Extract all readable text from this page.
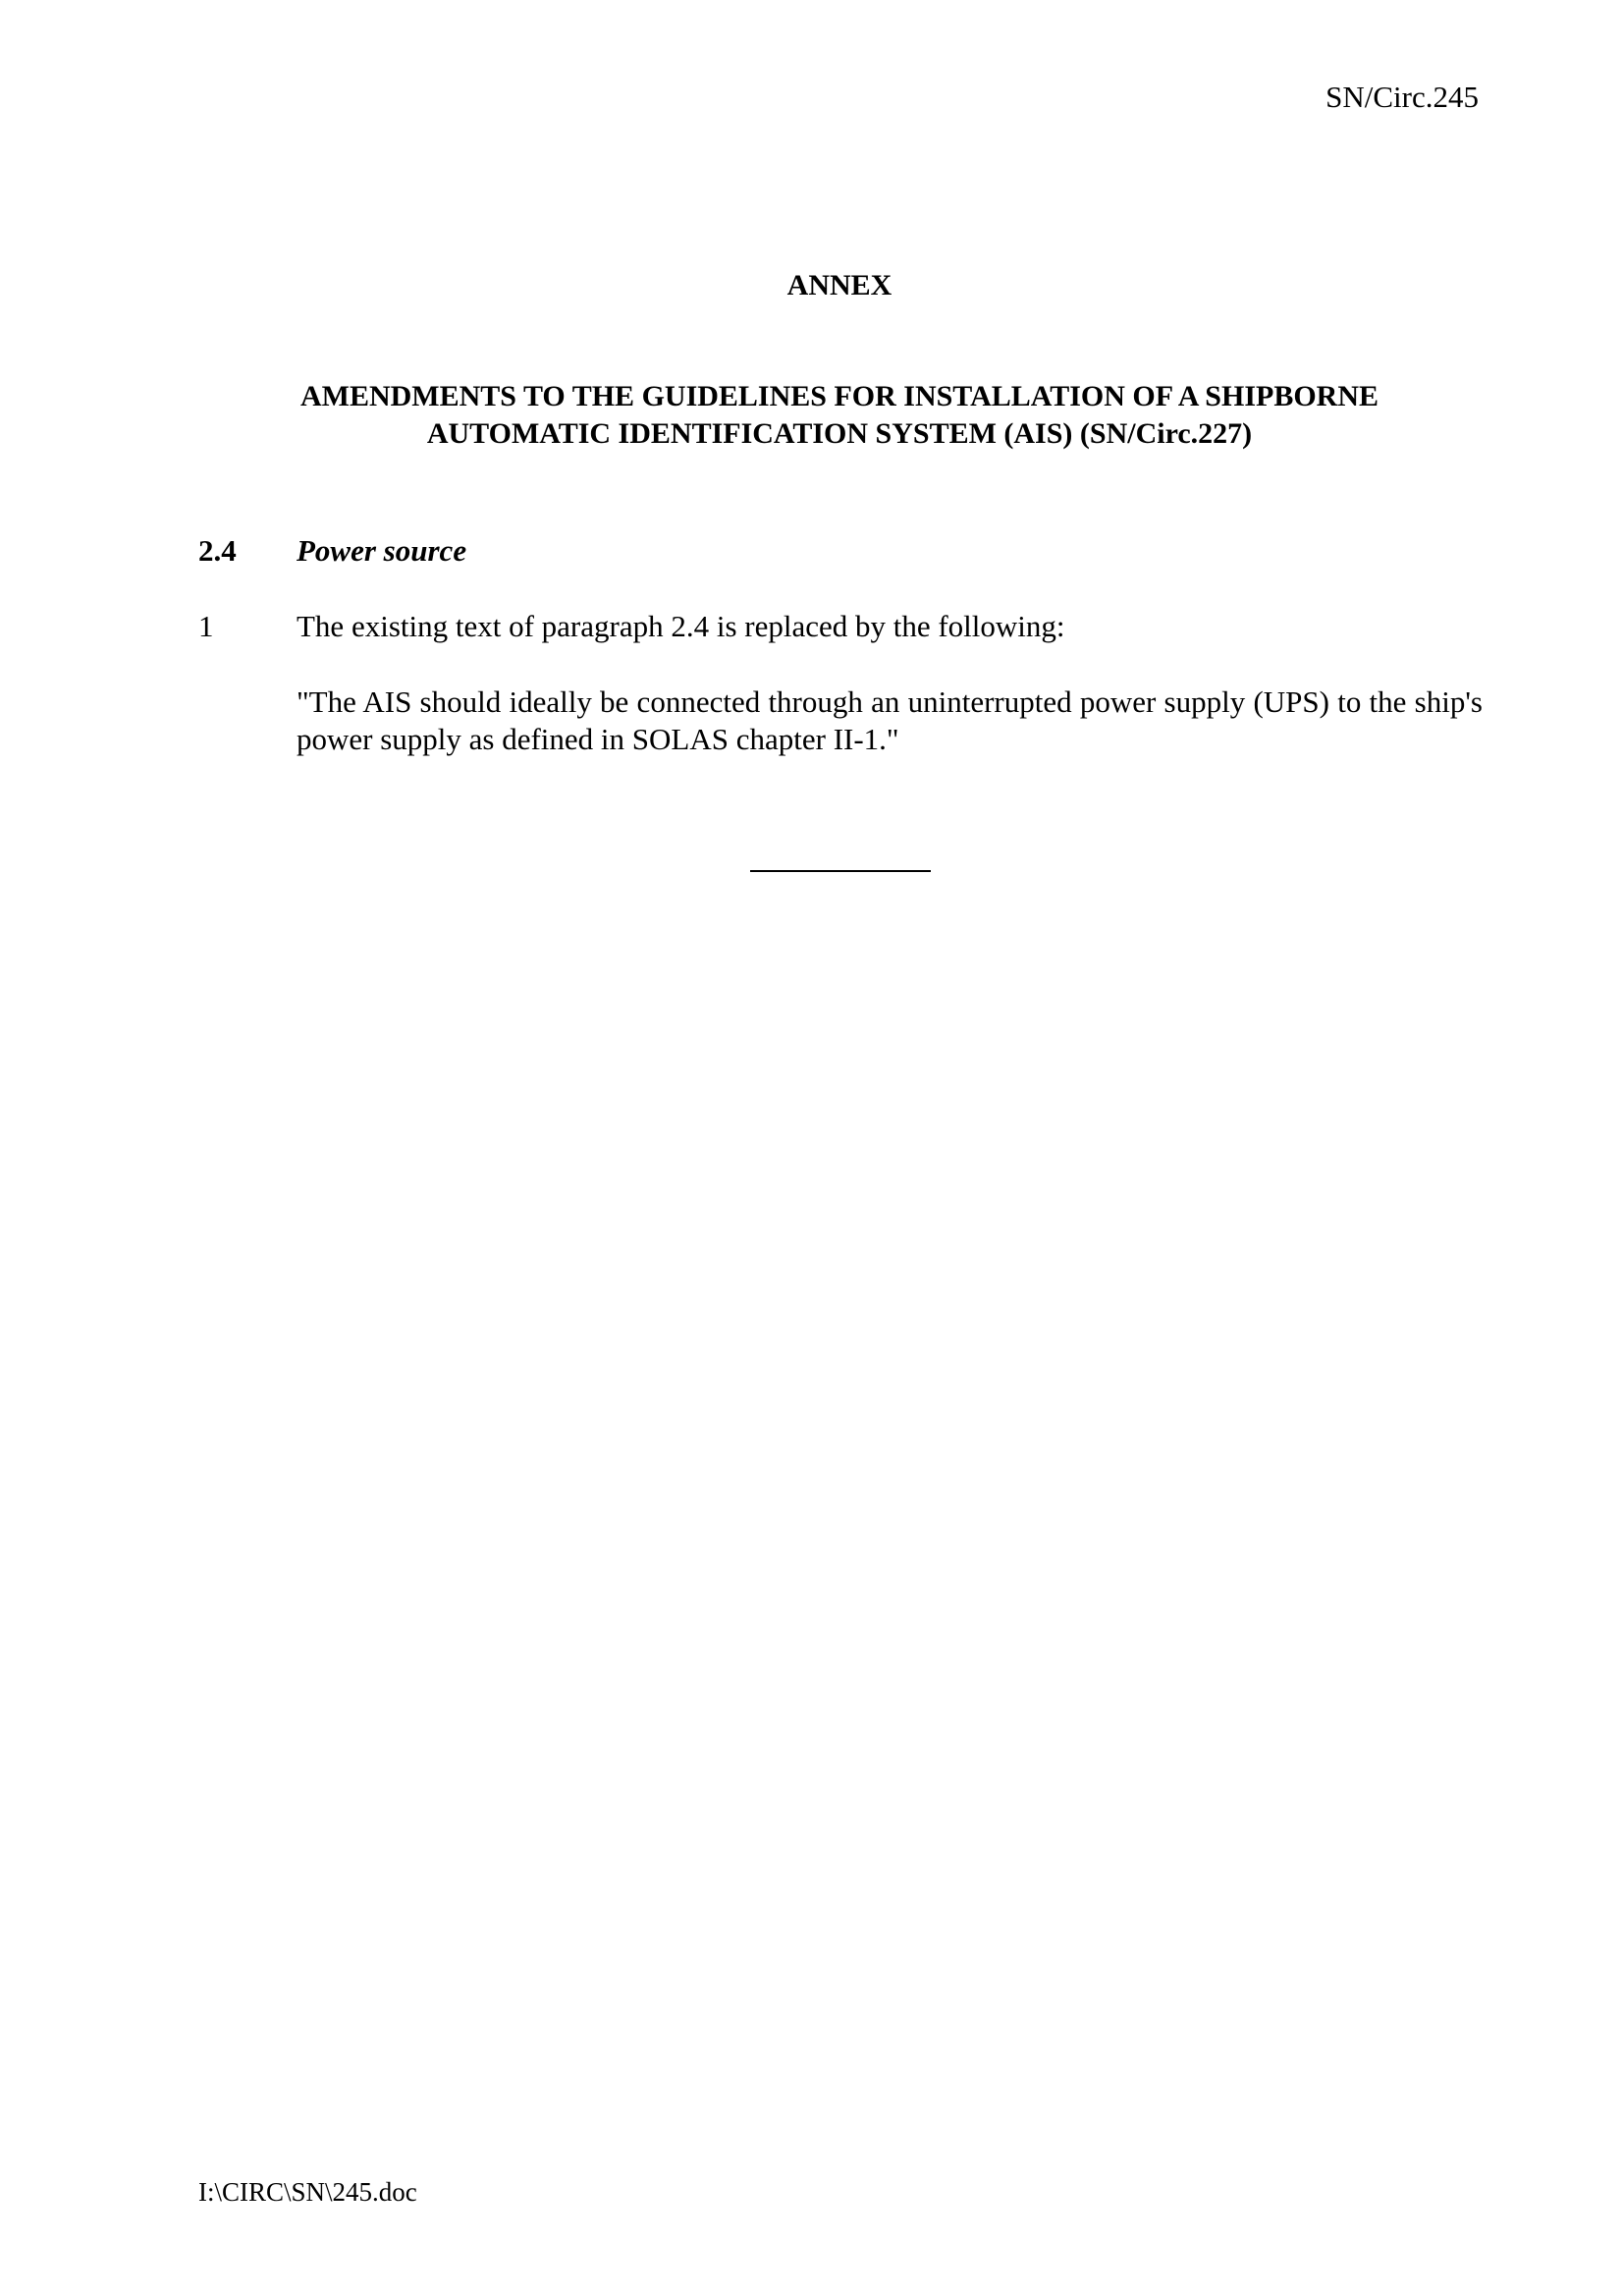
SN/Circ.245
ANNEX
AMENDMENTS TO THE GUIDELINES FOR INSTALLATION OF A SHIPBORNE
AUTOMATIC IDENTIFICATION SYSTEM (AIS) (SN/Circ.227)
2.4 Power source
1	The existing text of paragraph 2.4 is replaced by the following:
"The AIS should ideally be connected through an uninterrupted power supply (UPS) to the ship's power supply as defined in SOLAS chapter II-1."
I:\CIRC\SN\245.doc
